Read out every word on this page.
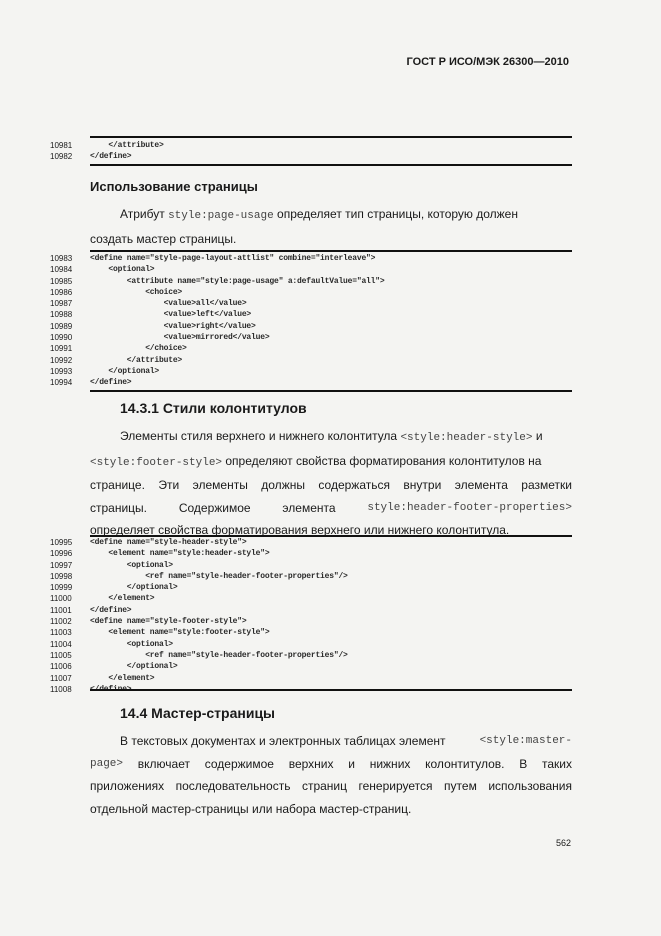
ГОСТ Р ИСО/МЭК 26300—2010
10981	</attribute>
10982	</define>
Использование страницы
Атрибут style:page-usage определяет тип страницы, которую должен
создать мастер страницы.
10983	<define name="style-page-layout-attlist" combine="interleave">
10984	<optional>
10985	<attribute name="style:page-usage" a:defaultValue="all">
10986	<choice>
10987	<value>all</value>
10988	<value>left</value>
10989	<value>right</value>
10990	<value>mirrored</value>
10991	</choice>
10992	</attribute>
10993	</optional>
10994	</define>
14.3.1 Стили колонтитулов
Элементы стиля верхнего и нижнего колонтитула <style:header-style> и
<style:footer-style> определяют свойства форматирования колонтитулов на
странице. Эти элементы должны содержаться внутри элемента разметки
страницы.	Содержимое	элемента	style:header-footer-properties>
определяет свойства форматирования верхнего или нижнего колонтитула.
10995	<define name="style-header-style">
10996	<element name="style:header-style">
10997	<optional>
10998	<ref name="style-header-footer-properties"/>
10999	</optional>
11000	</element>
11001	</define>
11002	<define name="style-footer-style">
11003	<element name="style:footer-style">
11004	<optional>
11005	<ref name="style-header-footer-properties"/>
11006	</optional>
11007	</element>
11008	</define>
14.4 Мастер-страницы
В текстовых документах и электронных таблицах элемент	<style:master-
page> включает содержимое верхних и нижних колонтитулов. В таких
приложениях последовательность страниц генерируется путем использования
отдельной мастер-страницы или набора мастер-страниц.
562
